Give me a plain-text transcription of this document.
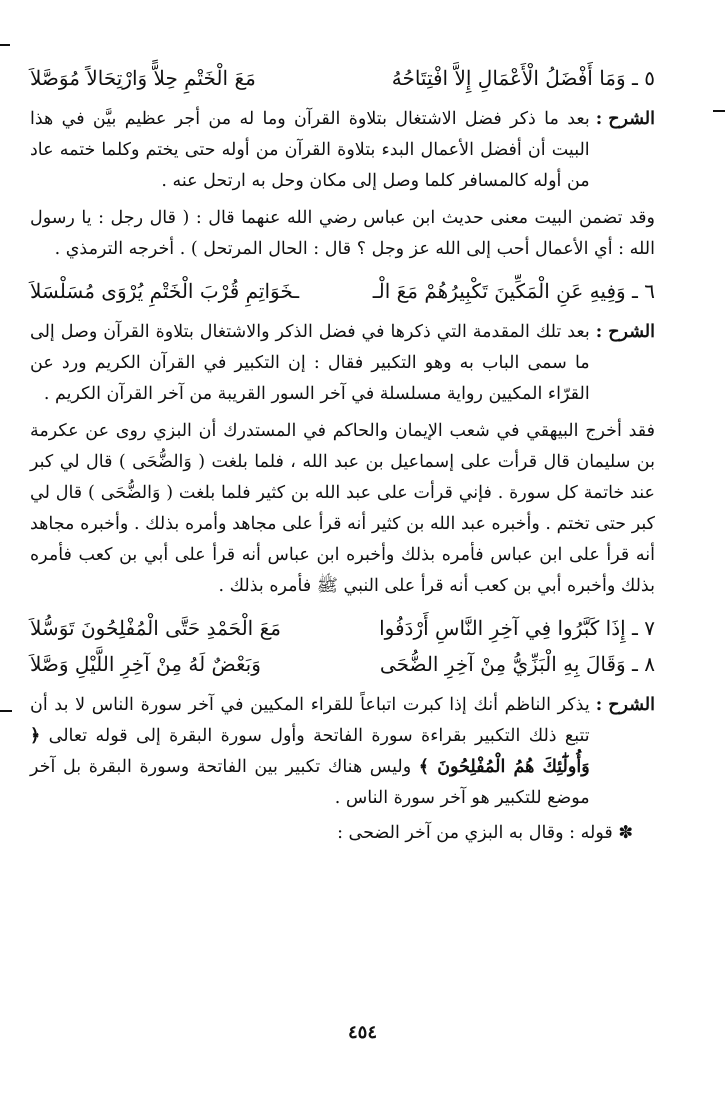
٥ ـ وَمَا أَفْضَلُ الْأَعْمَالِ إِلاَّ افْتِتَاحُهُ
مَعَ الْخَتْمِ حِلاًّ وَارْتِحَالاً مُوَصَّلاَ
الشرح :
بعد ما ذكر فضل الاشتغال بتلاوة القرآن وما له من أجر عظيم بيَّن في هذا البيت أن أفضل الأعمال البدء بتلاوة القرآن من أوله حتى يختم وكلما ختمه عاد من أوله كالمسافر كلما وصل إلى مكان وحل به ارتحل عنه .
وقد تضمن البيت معنى حديث ابن عباس رضي الله عنهما قال : ( قال رجل : يا رسول الله : أي الأعمال أحب إلى الله عز وجل ؟ قال : الحال المرتحل ) . أخرجه الترمذي .
٦ ـ وَفِيهِ عَنِ الْمَكِّينَ تَكْبِيرُهُمْ مَعَ الْـ
ـخَوَاتِمِ قُرْبَ الْخَتْمِ يُرْوَى مُسَلْسَلاَ
الشرح :
بعد تلك المقدمة التي ذكرها في فضل الذكر والاشتغال بتلاوة القرآن وصل إلى ما سمى الباب به وهو التكبير فقال : إن التكبير في القرآن الكريم ورد عن القرّاء المكيين رواية مسلسلة في آخر السور القريبة من آخر القرآن الكريم .
فقد أخرج البيهقي في شعب الإيمان والحاكم في المستدرك أن البزي روى عن عكرمة بن سليمان قال قرأت على إسماعيل بن عبد الله ، فلما بلغت ( وَالضُّحَى ) قال لي كبر عند خاتمة كل سورة . فإني قرأت على عبد الله بن كثير فلما بلغت ( وَالضُّحَى ) قال لي كبر حتى تختم . وأخبره عبد الله بن كثير أنه قرأ على مجاهد وأمره بذلك . وأخبره مجاهد أنه قرأ على ابن عباس فأمره بذلك وأخبره ابن عباس أنه قرأ على أبي بن كعب فأمره بذلك وأخبره أبي بن كعب أنه قرأ على النبي ﷺ فأمره بذلك .
٧ ـ إِذَا كَبَّرُوا فِي آخِرِ النَّاسِ أَرْدَفُوا
مَعَ الْحَمْدِ حَتَّى الْمُفْلِحُونَ تَوَسُّلاَ
٨ ـ وَقَالَ بِهِ الْبَزِّيُّ مِنْ آخِرِ الضُّحَى
وَبَعْضٌ لَهُ مِنْ آخِرِ اللَّيْلِ وَصَّلاَ
الشرح :
يذكر الناظم أنك إذا كبرت اتباعاً للقراء المكيين في آخر سورة الناس لا بد أن تتبع ذلك التكبير بقراءة سورة الفاتحة وأول سورة البقرة إلى قوله تعالى ﴿ وَأُولَٰٓئِكَ هُمُ الْمُفْلِحُونَ ﴾ وليس هناك تكبير بين الفاتحة وسورة البقرة بل آخر موضع للتكبير هو آخر سورة الناس .
✽ قوله : وقال به البزي من آخر الضحى :
٤٥٤
